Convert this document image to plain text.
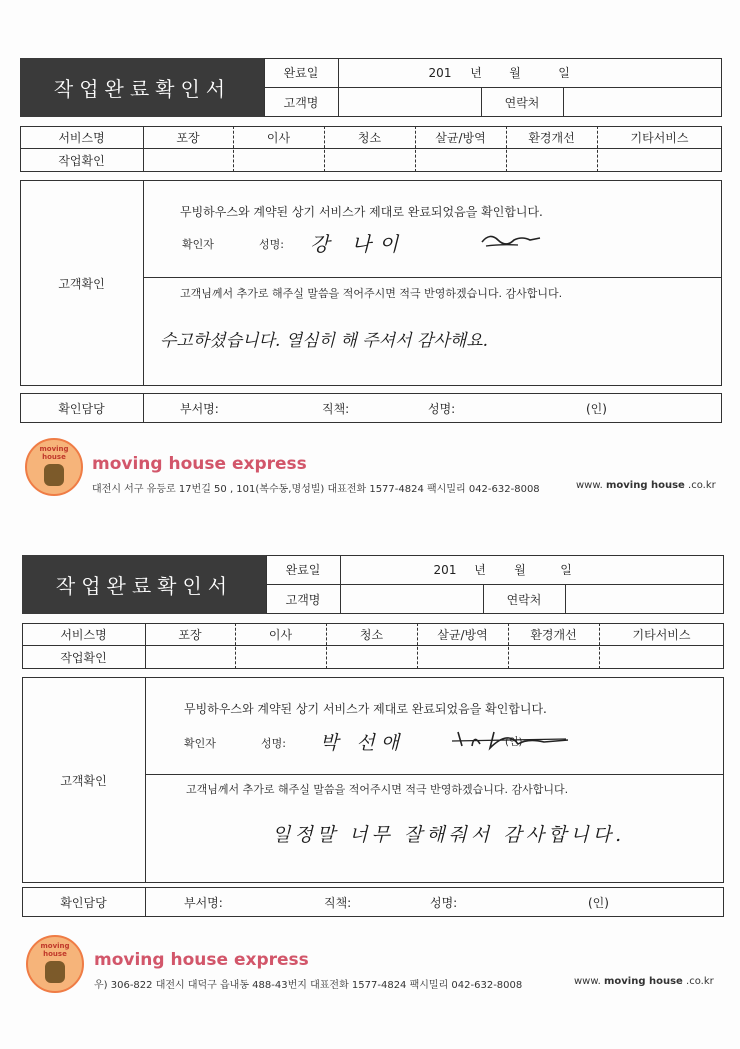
작업완료확인서
완료일	201	년	월	일
고객명	연락처
서비스명	포장	이사	청소	살균/방역	환경개선	기타서비스
작업확인
고객확인
무빙하우스와 계약된 상기 서비스가 제대로 완료되었음을 확인합니다.
확인자	성명: 강 나이
고객님께서 추가로 해주실 말씀을 적어주시면 적극 반영하겠습니다. 감사합니다.
수고하셨습니다. 열심히 해 주셔서 감사해요.
확인담당	부서명:	직책:	성명:	(인)
moving house	moving house express
대전시 서구 유등로 17번길 50 , 101(복수동,명성빌) 대표전화 1577-4824 팩시밀리 042-632-8008	www. moving house .co.kr
작업완료확인서
완료일	201	년	월	일
고객명	연락처
서비스명	포장	이사	청소	살균/방역	환경개선	기타서비스
작업확인
고객확인
무빙하우스와 계약된 상기 서비스가 제대로 완료되었음을 확인합니다.
확인자	성명: 박 선애	(인)
고객님께서 추가로 해주실 말씀을 적어주시면 적극 반영하겠습니다. 감사합니다.
일정말 너무 잘해줘서 감사합니다.
확인담당	부서명:	직책:	성명:	(인)
moving house	moving house express
우) 306-822 대전시 대덕구 읍내동 488-43번지 대표전화 1577-4824 팩시밀리 042-632-8008	www. moving house .co.kr
